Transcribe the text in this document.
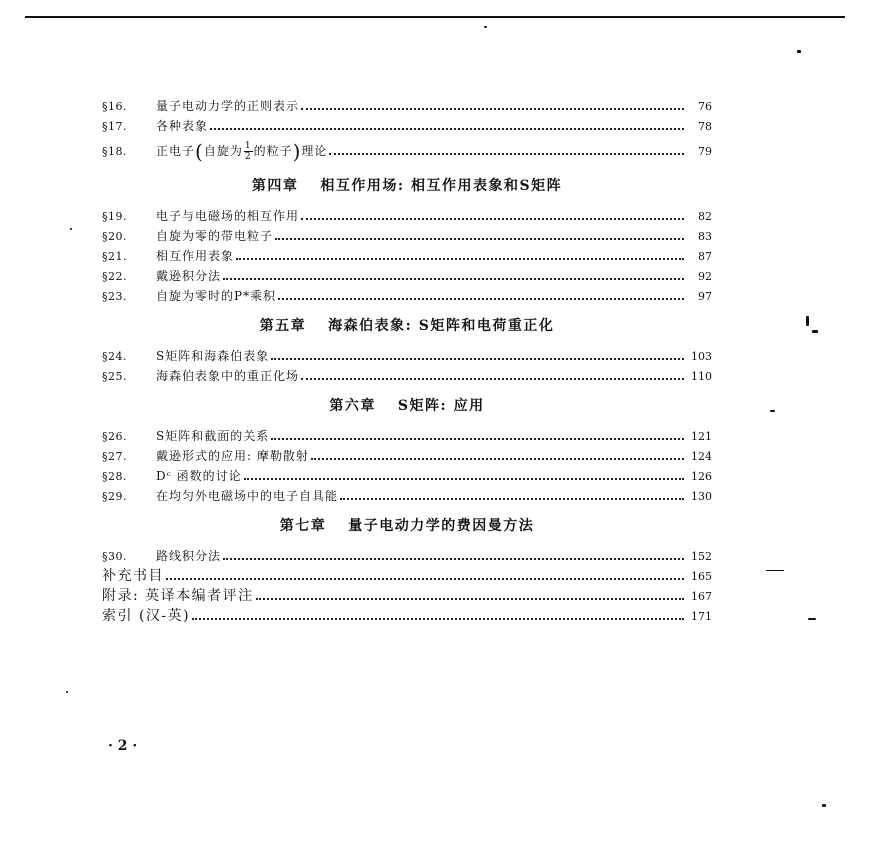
§16.	量子电动力学的正则表示	76
§17.	各种表象	78
§18.	正电子(自旋为 $\frac{1}{2}$ 的粒子)理论	79
第四章 相互作用场: 相互作用表象和S矩阵
§19.	电子与电磁场的相互作用	82
§20.	自旋为零的带电粒子	83
§21.	相互作用表象	87
§22.	戴逊积分法	92
§23.	自旋为零时的P*乘积	97
第五章 海森伯表象: S矩阵和电荷重正化
§24.	S矩阵和海森伯表象	103
§25.	海森伯表象中的重正化场	110
第六章 S矩阵: 应用
§26.	S矩阵和截面的关系	121
§27.	戴逊形式的应用: 摩勒散射	124
§28.	Dᶜ 函数的讨论	126
§29.	在均匀外电磁场中的电子自具能	130
第七章 量子电动力学的费因曼方法
§30.	路线积分法	152
补充书目	165
附录: 英译本编者评注	167
索引 (汉-英)	171
· 2 ·
